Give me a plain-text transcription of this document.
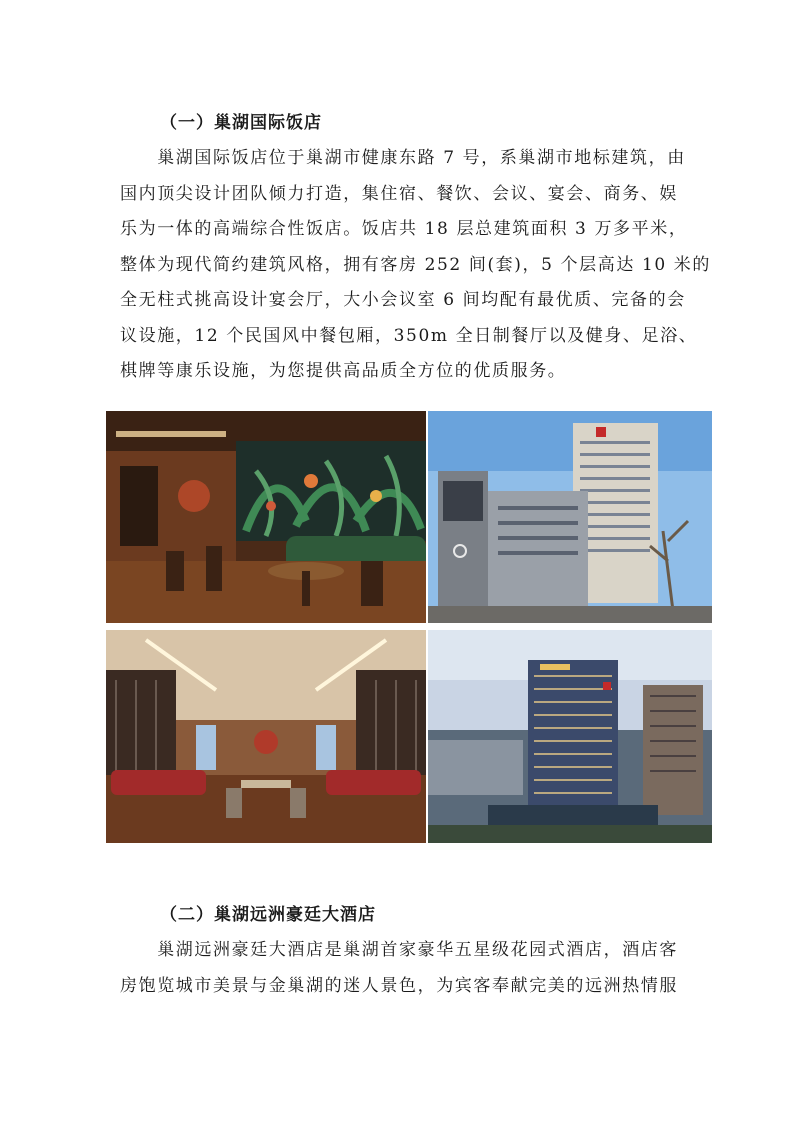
（一）巢湖国际饭店
　　巢湖国际饭店位于巢湖市健康东路 7 号，系巢湖市地标建筑，由
国内顶尖设计团队倾力打造，集住宿、餐饮、会议、宴会、商务、娱
乐为一体的高端综合性饭店。饭店共 18 层总建筑面积 3 万多平米，
整体为现代简约建筑风格，拥有客房 252 间(套)，5 个层高达 10 米的
全无柱式挑高设计宴会厅，大小会议室 6 间均配有最优质、完备的会
议设施，12 个民国风中餐包厢，350m 全日制餐厅以及健身、足浴、
棋牌等康乐设施，为您提供高品质全方位的优质服务。
（二）巢湖远洲豪廷大酒店
　　巢湖远洲豪廷大酒店是巢湖首家豪华五星级花园式酒店，酒店客
房饱览城市美景与金巢湖的迷人景色，为宾客奉献完美的远洲热情服
